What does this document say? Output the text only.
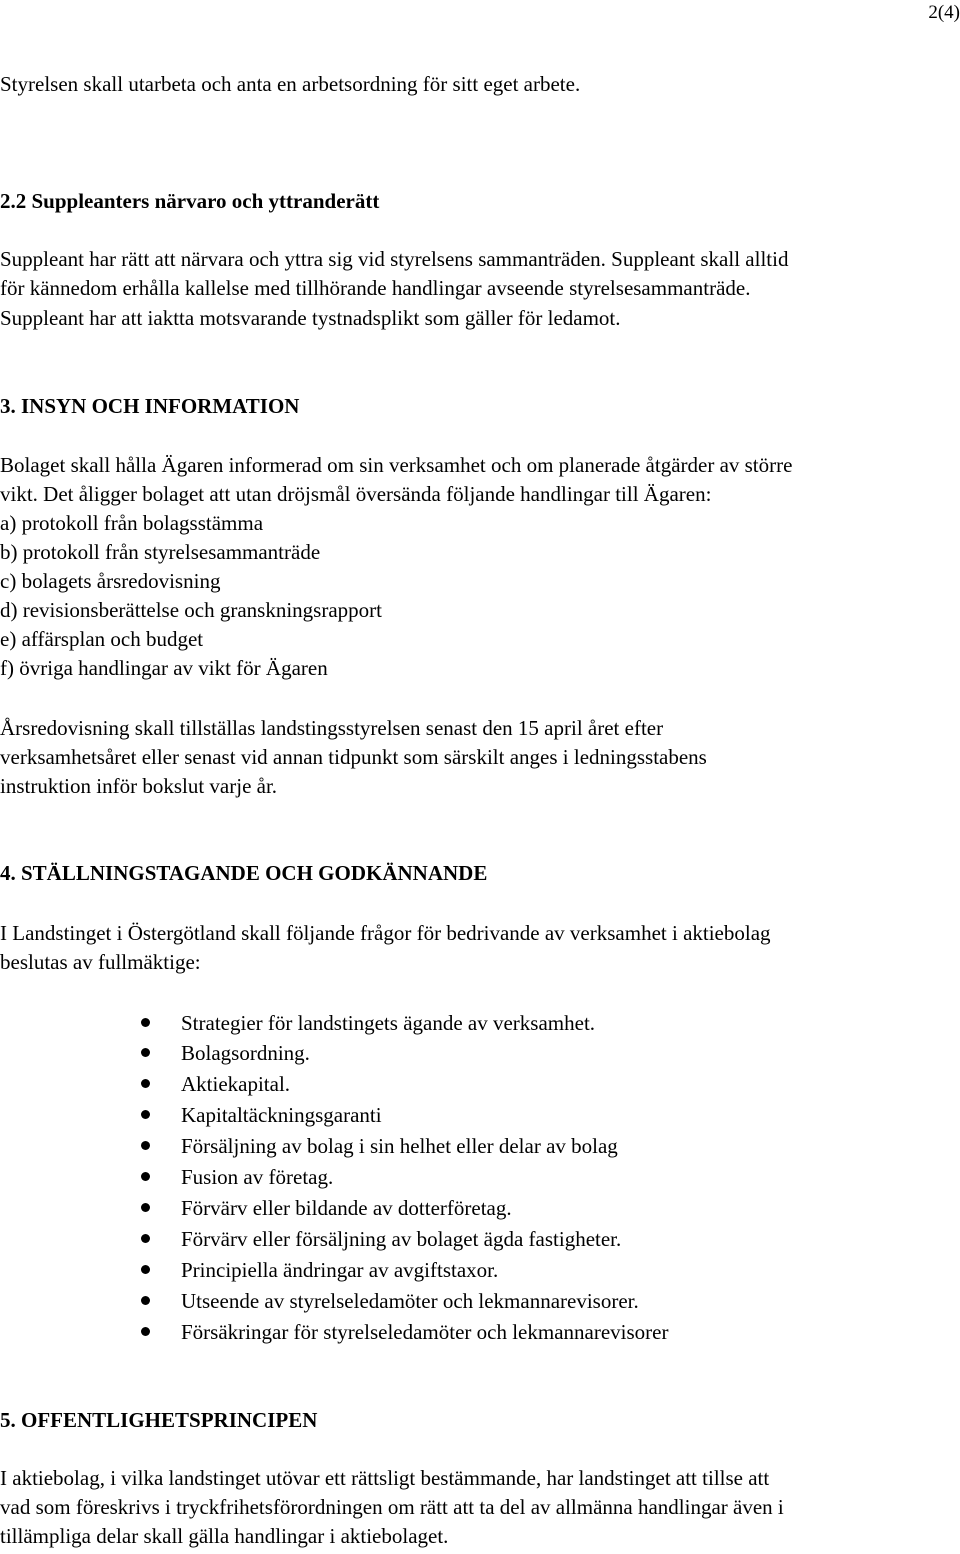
2(4)
Styrelsen skall utarbeta och anta en arbetsordning för sitt eget arbete.
2.2 Suppleanters närvaro och yttranderätt
Suppleant har rätt att närvara och yttra sig vid styrelsens sammanträden. Suppleant skall alltid
för kännedom erhålla kallelse med tillhörande handlingar avseende styrelsesammanträde.
Suppleant har att iaktta motsvarande tystnadsplikt som gäller för ledamot.
3. INSYN OCH INFORMATION
Bolaget skall hålla Ägaren informerad om sin verksamhet och om planerade åtgärder av större
vikt. Det åligger bolaget att utan dröjsmål översända följande handlingar till Ägaren:
a) protokoll från bolagsstämma
b) protokoll från styrelsesammanträde
c) bolagets årsredovisning
d) revisionsberättelse och granskningsrapport
e) affärsplan och budget
f) övriga handlingar av vikt för Ägaren
Årsredovisning skall tillställas landstingsstyrelsen senast den 15 april året efter
verksamhetsåret eller senast vid annan tidpunkt som särskilt anges i ledningsstabens
instruktion inför bokslut varje år.
4. STÄLLNINGSTAGANDE OCH GODKÄNNANDE
I Landstinget i Östergötland skall följande frågor för bedrivande av verksamhet i aktiebolag
beslutas av fullmäktige:
Strategier för landstingets ägande av verksamhet.
Bolagsordning.
Aktiekapital.
Kapitaltäckningsgaranti
Försäljning av bolag i sin helhet eller delar av bolag
Fusion av företag.
Förvärv eller bildande av dotterföretag.
Förvärv eller försäljning av bolaget ägda fastigheter.
Principiella ändringar av avgiftstaxor.
Utseende av styrelseledamöter och lekmannarevisorer.
Försäkringar för styrelseledamöter och lekmannarevisorer
5. OFFENTLIGHETSPRINCIPEN
I aktiebolag, i vilka landstinget utövar ett rättsligt bestämmande, har landstinget att tillse att
vad som föreskrivs i tryckfrihetsförordningen om rätt att ta del av allmänna handlingar även i
tillämpliga delar skall gälla handlingar i aktiebolaget.
